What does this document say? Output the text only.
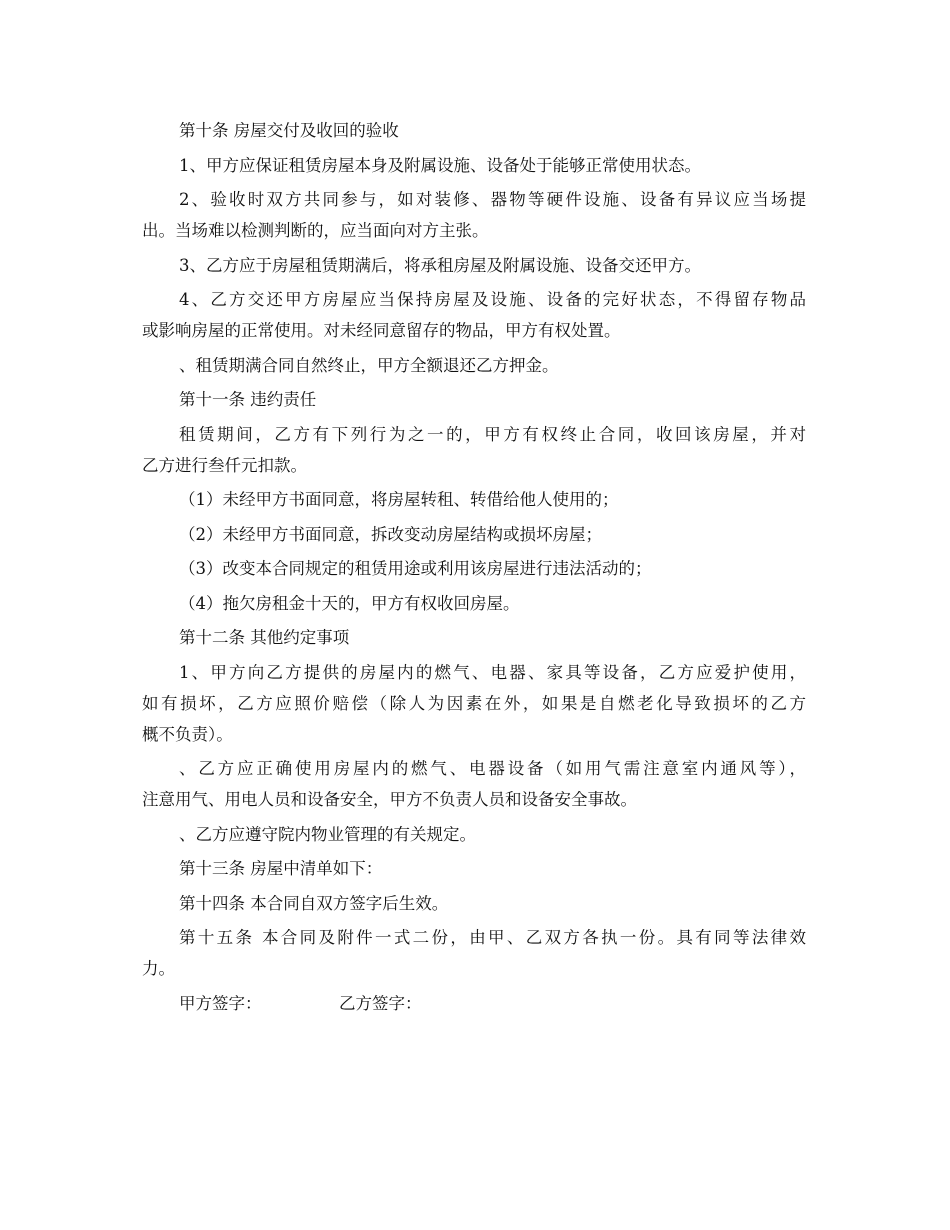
第十条 房屋交付及收回的验收
1、甲方应保证租赁房屋本身及附属设施、设备处于能够正常使用状态。
2、验收时双方共同参与，如对装修、器物等硬件设施、设备有异议应当场提
出。当场难以检测判断的，应当面向对方主张。
3、乙方应于房屋租赁期满后，将承租房屋及附属设施、设备交还甲方。
4、乙方交还甲方房屋应当保持房屋及设施、设备的完好状态，不得留存物品
或影响房屋的正常使用。对未经同意留存的物品，甲方有权处置。
、租赁期满合同自然终止，甲方全额退还乙方押金。
第十一条 违约责任
租赁期间，乙方有下列行为之一的，甲方有权终止合同，收回该房屋，并对
乙方进行叁仟元扣款。
（1）未经甲方书面同意，将房屋转租、转借给他人使用的；
（2）未经甲方书面同意，拆改变动房屋结构或损坏房屋；
（3）改变本合同规定的租赁用途或利用该房屋进行违法活动的；
（4）拖欠房租金十天的，甲方有权收回房屋。
第十二条 其他约定事项
1、甲方向乙方提供的房屋内的燃气、电器、家具等设备，乙方应爱护使用，
如有损坏，乙方应照价赔偿（除人为因素在外，如果是自燃老化导致损坏的乙方
概不负责）。
、乙方应正确使用房屋内的燃气、电器设备（如用气需注意室内通风等），
注意用气、用电人员和设备安全，甲方不负责人员和设备安全事故。
、乙方应遵守院内物业管理的有关规定。
第十三条 房屋中清单如下：
第十四条 本合同自双方签字后生效。
第十五条 本合同及附件一式二份，由甲、乙双方各执一份。具有同等法律效
力。
甲方签字：	乙方签字：
